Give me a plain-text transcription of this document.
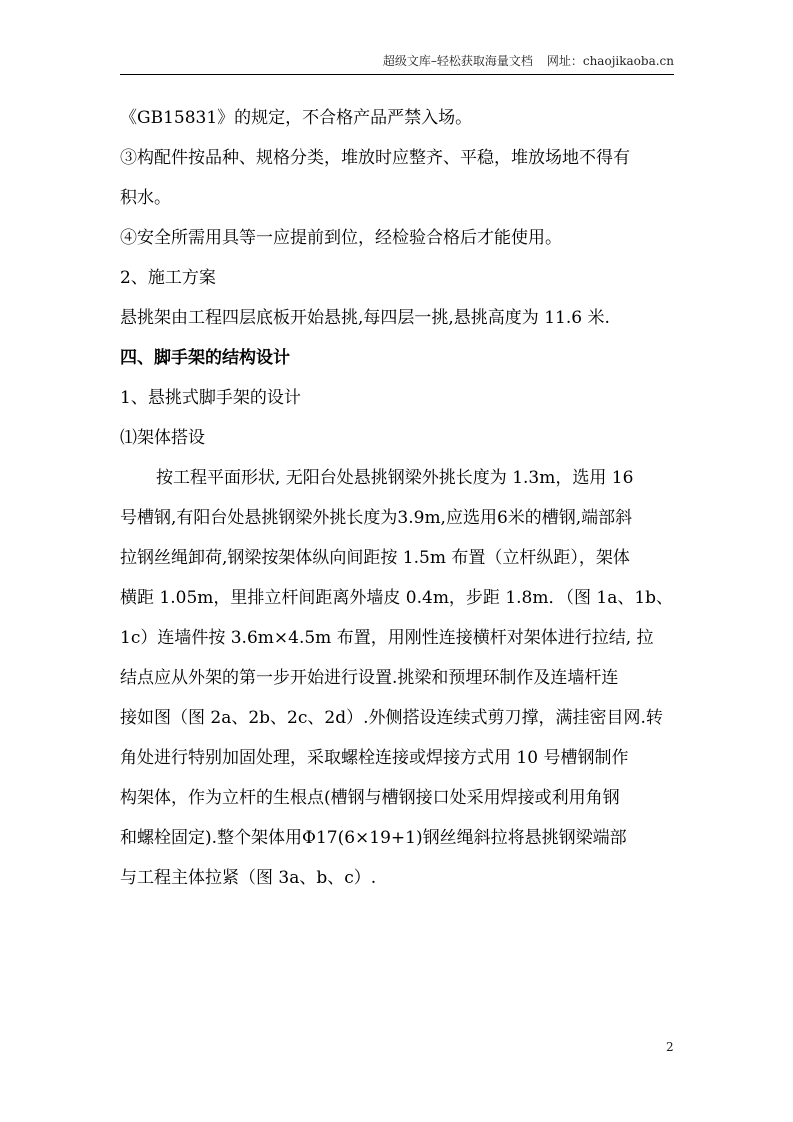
超级文库–轻松获取海量文档 网址：chaojikaoba.cn
《GB15831》的规定，不合格产品严禁入场。
③构配件按品种、规格分类，堆放时应整齐、平稳，堆放场地不得有
积水。
④安全所需用具等一应提前到位，经检验合格后才能使用。
2、施工方案
悬挑架由工程四层底板开始悬挑,每四层一挑,悬挑高度为 11.6 米.
四、脚手架的结构设计
1、悬挑式脚手架的设计
⑴架体搭设
按工程平面形状, 无阳台处悬挑钢梁外挑长度为 1.3m，选用 16
号槽钢,有阳台处悬挑钢梁外挑长度为3.9m,应选用6米的槽钢,端部斜
拉钢丝绳卸荷,钢梁按架体纵向间距按 1.5m 布置（立杆纵距），架体
横距 1.05m，里排立杆间距离外墙皮 0.4m，步距 1.8m．（图 1a、1b、
1c）连墙件按 3.6m×4.5m 布置，用刚性连接横杆对架体进行拉结, 拉
结点应从外架的第一步开始进行设置.挑梁和预埋环制作及连墙杆连
接如图（图 2a、2b、2c、2d）.外侧搭设连续式剪刀撑，满挂密目网.转
角处进行特别加固处理，采取螺栓连接或焊接方式用 10 号槽钢制作
构架体，作为立杆的生根点(槽钢与槽钢接口处采用焊接或利用角钢
和螺栓固定).整个架体用Φ17(6×19+1)钢丝绳斜拉将悬挑钢梁端部
与工程主体拉紧（图 3a、b、c）.
2
